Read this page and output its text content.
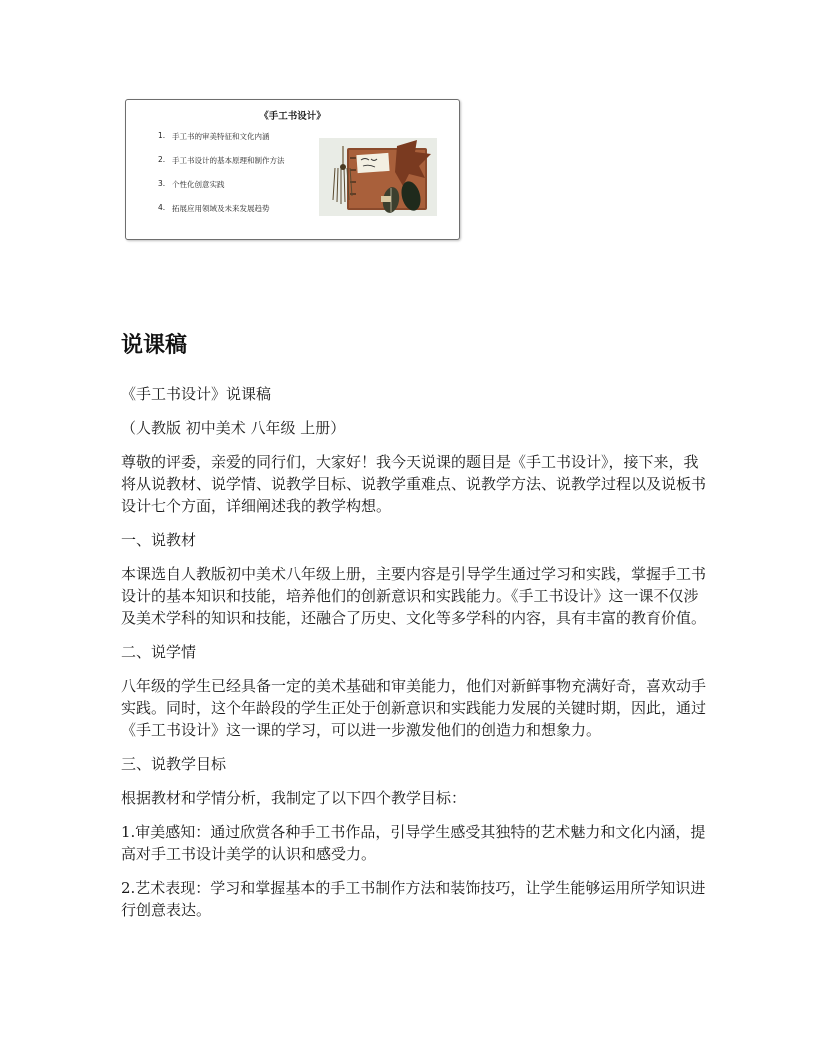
《手工书设计》
1. 手工书的审美特征和文化内涵
2. 手工书设计的基本原理和制作方法
3. 个性化创意实践
4. 拓展应用领域及未来发展趋势
说课稿

《手工书设计》说课稿

（人教版 初中美术 八年级 上册）

尊敬的评委，亲爱的同行们，大家好！我今天说课的题目是《手工书设计》，接下来，我将从说教材、说学情、说教学目标、说教学重难点、说教学方法、说教学过程以及说板书设计七个方面，详细阐述我的教学构想。

一、说教材

本课选自人教版初中美术八年级上册，主要内容是引导学生通过学习和实践，掌握手工书设计的基本知识和技能，培养他们的创新意识和实践能力。《手工书设计》这一课不仅涉及美术学科的知识和技能，还融合了历史、文化等多学科的内容，具有丰富的教育价值。

二、说学情

八年级的学生已经具备一定的美术基础和审美能力，他们对新鲜事物充满好奇，喜欢动手实践。同时，这个年龄段的学生正处于创新意识和实践能力发展的关键时期，因此，通过《手工书设计》这一课的学习，可以进一步激发他们的创造力和想象力。

三、说教学目标

根据教材和学情分析，我制定了以下四个教学目标：

1.审美感知：通过欣赏各种手工书作品，引导学生感受其独特的艺术魅力和文化内涵，提高对手工书设计美学的认识和感受力。

2.艺术表现：学习和掌握基本的手工书制作方法和装饰技巧，让学生能够运用所学知识进行创意表达。
